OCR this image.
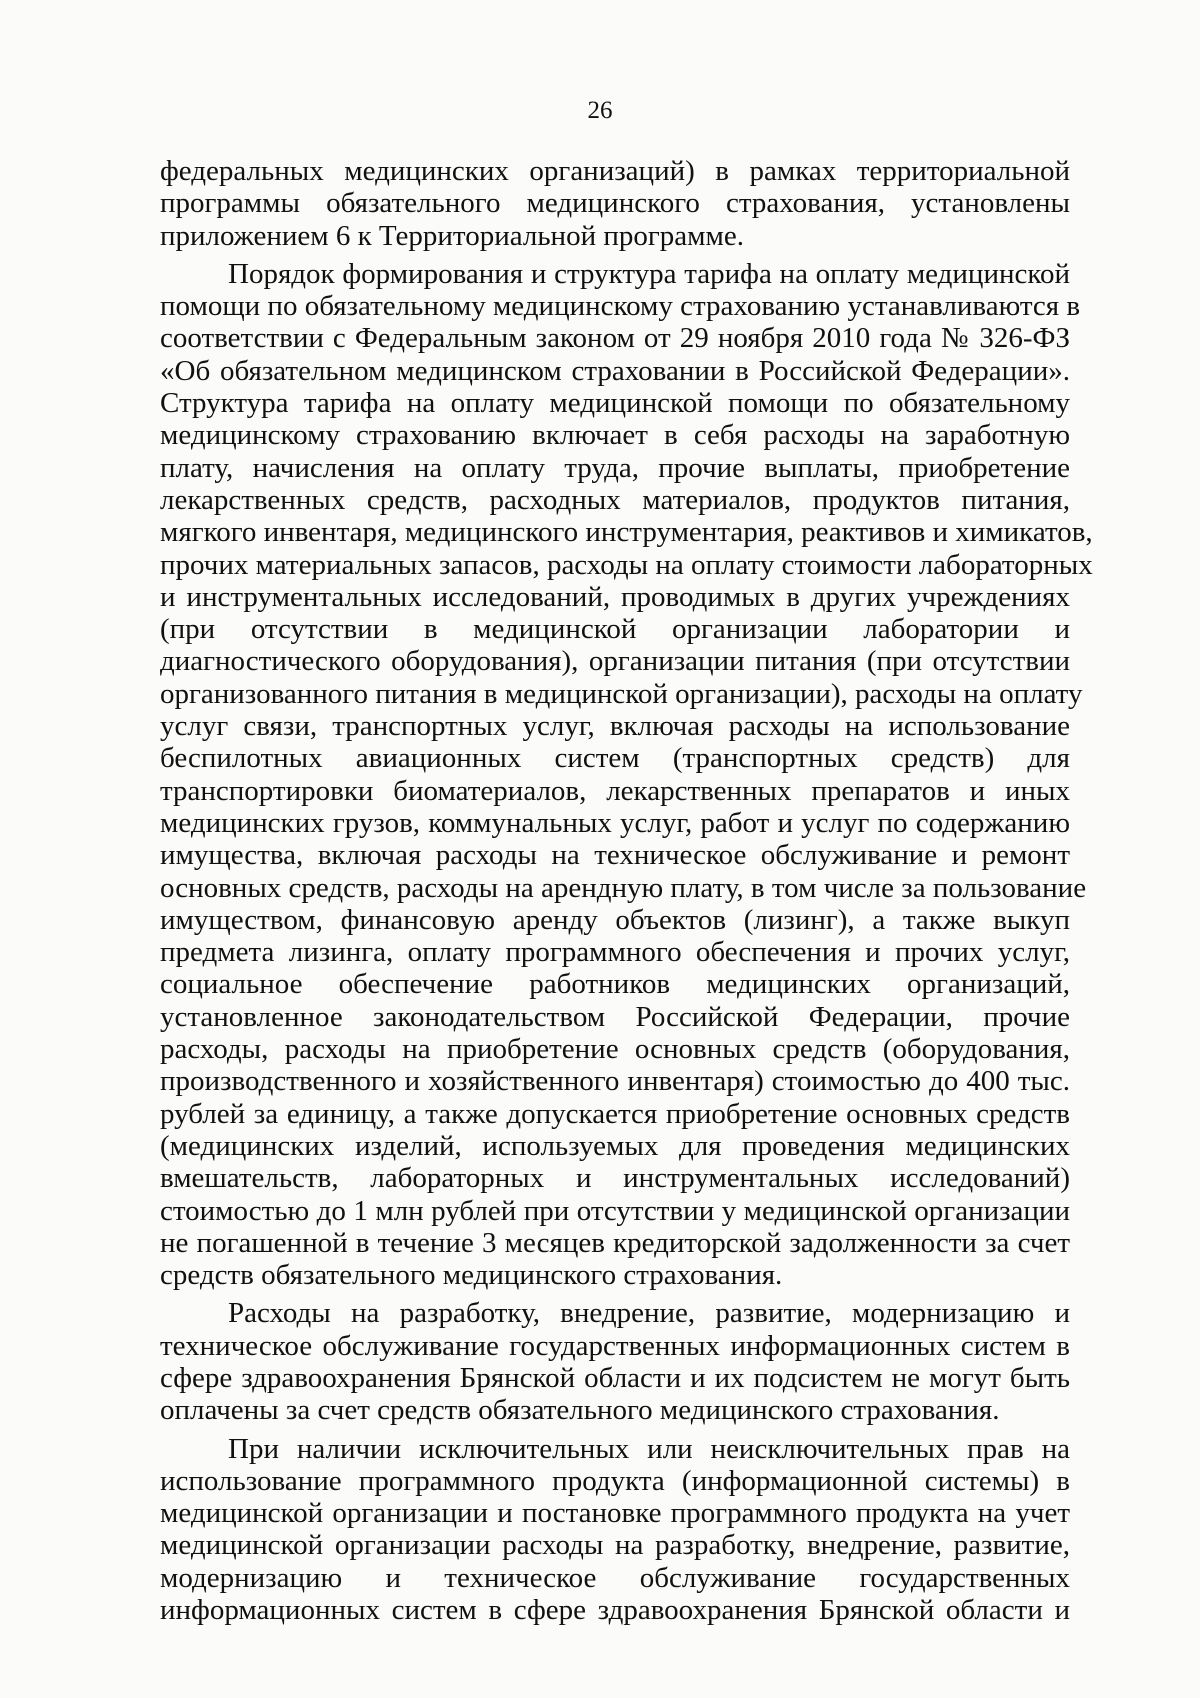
26

федеральных медицинских организаций) в рамках территориальной
программы обязательного медицинского страхования, установлены
приложением 6 к Территориальной программе.

Порядок формирования и структура тарифа на оплату медицинской
помощи по обязательному медицинскому страхованию устанавливаются в
соответствии с Федеральным законом от 29 ноября 2010 года № 326-ФЗ
«Об обязательном медицинском страховании в Российской Федерации».
Структура тарифа на оплату медицинской помощи по обязательному
медицинскому страхованию включает в себя расходы на заработную
плату, начисления на оплату труда, прочие выплаты, приобретение
лекарственных средств, расходных материалов, продуктов питания,
мягкого инвентаря, медицинского инструментария, реактивов и химикатов,
прочих материальных запасов, расходы на оплату стоимости лабораторных
и инструментальных исследований, проводимых в других учреждениях
(при отсутствии в медицинской организации лаборатории и
диагностического оборудования), организации питания (при отсутствии
организованного питания в медицинской организации), расходы на оплату
услуг связи, транспортных услуг, включая расходы на использование
беспилотных авиационных систем (транспортных средств) для
транспортировки биоматериалов, лекарственных препаратов и иных
медицинских грузов, коммунальных услуг, работ и услуг по содержанию
имущества, включая расходы на техническое обслуживание и ремонт
основных средств, расходы на арендную плату, в том числе за пользование
имуществом, финансовую аренду объектов (лизинг), а также выкуп
предмета лизинга, оплату программного обеспечения и прочих услуг,
социальное обеспечение работников медицинских организаций,
установленное законодательством Российской Федерации, прочие
расходы, расходы на приобретение основных средств (оборудования,
производственного и хозяйственного инвентаря) стоимостью до 400 тыс.
рублей за единицу, а также допускается приобретение основных средств
(медицинских изделий, используемых для проведения медицинских
вмешательств, лабораторных и инструментальных исследований)
стоимостью до 1 млн рублей при отсутствии у медицинской организации
не погашенной в течение 3 месяцев кредиторской задолженности за счет
средств обязательного медицинского страхования.

Расходы на разработку, внедрение, развитие, модернизацию и
техническое обслуживание государственных информационных систем в
сфере здравоохранения Брянской области и их подсистем не могут быть
оплачены за счет средств обязательного медицинского страхования.

При наличии исключительных или неисключительных прав на
использование программного продукта (информационной системы) в
медицинской организации и постановке программного продукта на учет
медицинской организации расходы на разработку, внедрение, развитие,
модернизацию и техническое обслуживание государственных
информационных систем в сфере здравоохранения Брянской области и
